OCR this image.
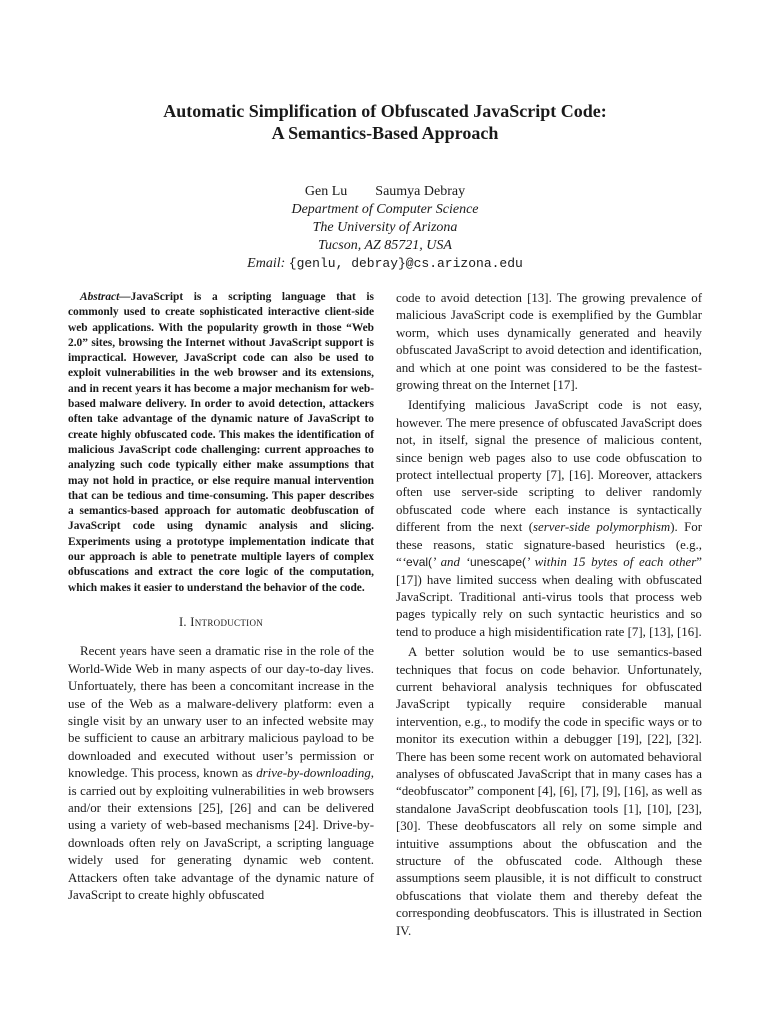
Automatic Simplification of Obfuscated JavaScript Code:

A Semantics-Based Approach

Gen Lu Saumya Debray
Department of Computer Science
The University of Arizona
Tucson, AZ 85721, USA
Email: {genlu, debray}@cs.arizona.edu

Abstract—JavaScript is a scripting language that is commonly used to create sophisticated interactive client-side web applications. With the popularity growth in those “Web 2.0” sites, browsing the Internet without JavaScript support is impractical. However, JavaScript code can also be used to exploit vulnerabilities in the web browser and its extensions, and in recent years it has become a major mechanism for web-based malware delivery. In order to avoid detection, attackers often take advantage of the dynamic nature of JavaScript to create highly obfuscated code. This makes the identification of malicious JavaScript code challenging: current approaches to analyzing such code typically either make assumptions that may not hold in practice, or else require manual intervention that can be tedious and time-consuming. This paper describes a semantics-based approach for automatic deobfuscation of JavaScript code using dynamic analysis and slicing. Experiments using a prototype implementation indicate that our approach is able to penetrate multiple layers of complex obfuscations and extract the core logic of the computation, which makes it easier to understand the behavior of the code.

I. Introduction

Recent years have seen a dramatic rise in the role of the World-Wide Web in many aspects of our day-to-day lives. Unfortuately, there has been a concomitant increase in the use of the Web as a malware-delivery platform: even a single visit by an unwary user to an infected website may be sufficient to cause an arbitrary malicious payload to be downloaded and executed without user’s permission or knowledge. This process, known as drive-by-downloading, is carried out by exploiting vulnerabilities in web browsers and/or their extensions [25], [26] and can be delivered using a variety of web-based mechanisms [24]. Drive-by-downloads often rely on JavaScript, a scripting language widely used for generating dynamic web content. Attackers often take advantage of the dynamic nature of JavaScript to create highly obfuscated

code to avoid detection [13]. The growing prevalence of malicious JavaScript code is exemplified by the Gumblar worm, which uses dynamically generated and heavily obfuscated JavaScript to avoid detection and identification, and which at one point was considered to be the fastest-growing threat on the Internet [17].

Identifying malicious JavaScript code is not easy, however. The mere presence of obfuscated JavaScript does not, in itself, signal the presence of malicious content, since benign web pages also to use code obfuscation to protect intellectual property [7], [16]. Moreover, attackers often use server-side scripting to deliver randomly obfuscated code where each instance is syntactically different from the next (server-side polymorphism). For these reasons, static signature-based heuristics (e.g., “‘eval(’ and ‘unescape(’ within 15 bytes of each other” [17]) have limited success when dealing with obfuscated JavaScript. Traditional anti-virus tools that process web pages typically rely on such syntactic heuristics and so tend to produce a high misidentification rate [7], [13], [16].

A better solution would be to use semantics-based techniques that focus on code behavior. Unfortunately, current behavioral analysis techniques for obfuscated JavaScript typically require considerable manual intervention, e.g., to modify the code in specific ways or to monitor its execution within a debugger [19], [22], [32]. There has been some recent work on automated behavioral analyses of obfuscated JavaScript that in many cases has a “deobfuscator” component [4], [6], [7], [9], [16], as well as standalone JavaScript deobfuscation tools [1], [10], [23], [30]. These deobfuscators all rely on some simple and intuitive assumptions about the obfuscation and the structure of the obfuscated code. Although these assumptions seem plausible, it is not difficult to construct obfuscations that violate them and thereby defeat the corresponding deobfuscators. This is illustrated in Section IV.
